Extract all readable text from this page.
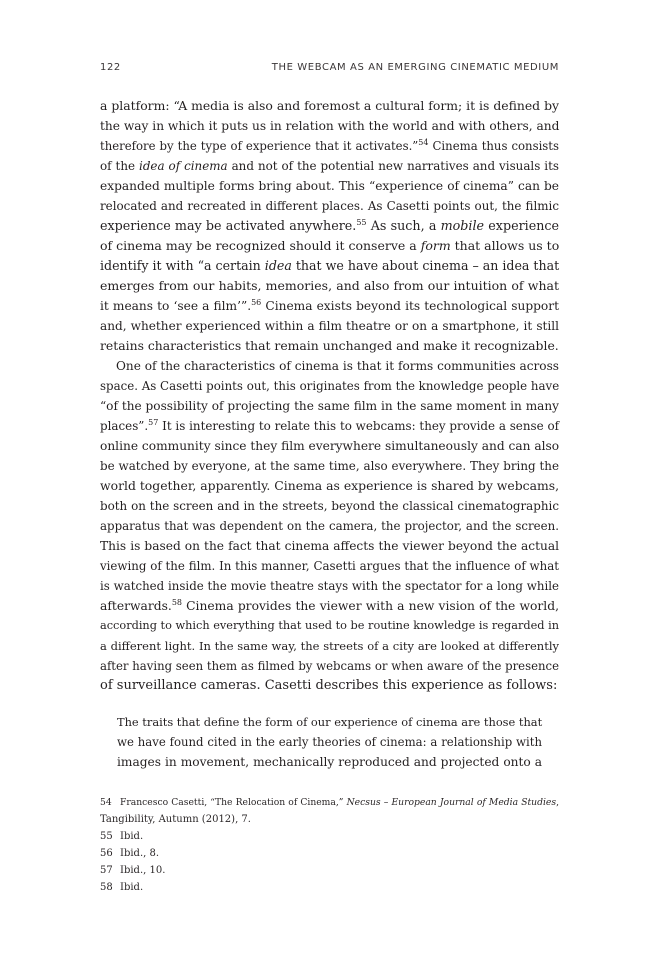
122	THE WEBCAM AS AN EMERGING CINEMATIC MEDIUM

a platform: “A media is also and foremost a cultural form; it is defined by

the way in which it puts us in relation with the world and with others, and

therefore by the type of experience that it activates.”$^{54}$ Cinema thus consists

of the idea of cinema and not of the potential new narratives and visuals its

expanded multiple forms bring about. This “experience of cinema” can be

relocated and recreated in different places. As Casetti points out, the filmic

experience may be activated anywhere.$^{55}$ As such, a mobile experience

of cinema may be recognized should it conserve a form that allows us to

identify it with “a certain idea that we have about cinema – an idea that

emerges from our habits, memories, and also from our intuition of what

it means to ‘see a film’”.$^{56}$ Cinema exists beyond its technological support

and, whether experienced within a film theatre or on a smartphone, it still

retains characteristics that remain unchanged and make it recognizable.

One of the characteristics of cinema is that it forms communities across

space. As Casetti points out, this originates from the knowledge people have

“of the possibility of projecting the same film in the same moment in many

places”.$^{57}$ It is interesting to relate this to webcams: they provide a sense of

online community since they film everywhere simultaneously and can also

be watched by everyone, at the same time, also everywhere. They bring the

world together, apparently. Cinema as experience is shared by webcams,

both on the screen and in the streets, beyond the classical cinematographic

apparatus that was dependent on the camera, the projector, and the screen.

This is based on the fact that cinema affects the viewer beyond the actual

viewing of the film. In this manner, Casetti argues that the influence of what

is watched inside the movie theatre stays with the spectator for a long while

afterwards.$^{58}$ Cinema provides the viewer with a new vision of the world,

according to which everything that used to be routine knowledge is regarded in

a different light. In the same way, the streets of a city are looked at differently

after having seen them as filmed by webcams or when aware of the presence

of surveillance cameras. Casetti describes this experience as follows:

The traits that define the form of our experience of cinema are those that

we have found cited in the early theories of cinema: a relationship with

images in movement, mechanically reproduced and projected onto a

54 Francesco Casetti, “The Relocation of Cinema,” Necsus – European Journal of Media Studies,

Tangibility, Autumn (2012), 7.

55 Ibid.

56 Ibid., 8.

57 Ibid., 10.

58 Ibid.
